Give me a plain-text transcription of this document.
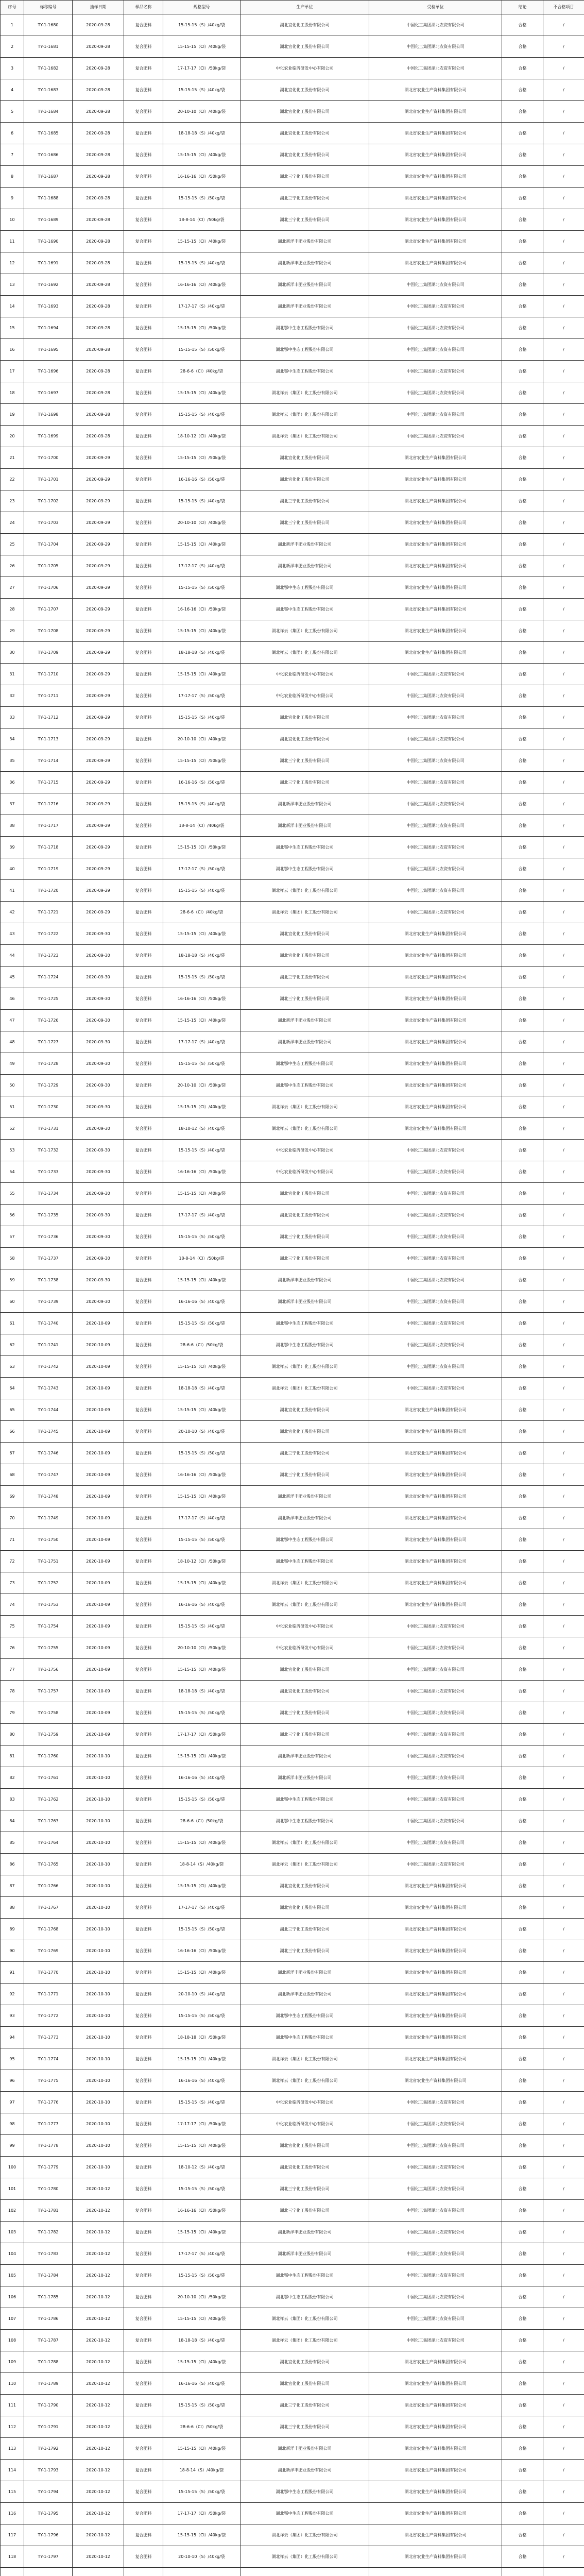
序号	标称编号	抽样日期	样品名称	规格型号	生产单位	受检单位	结论	不合格项目
1	TY-1-1680	2020-09-28	复合肥料	15-15-15（S）/40kg/袋	湖北宜化化工股份有限公司	中国化工集团湖北农资有限公司	合格	/
2	TY-1-1681	2020-09-28	复合肥料	15-15-15（Cl）/40kg/袋	湖北宜化化工股份有限公司	中国化工集团湖北农资有限公司	合格	/
3	TY-1-1682	2020-09-28	复合肥料	17-17-17（Cl）/50kg/袋	中化农业临沂研发中心有限公司	中国化工集团湖北农资有限公司	合格	/
4	TY-1-1683	2020-09-28	复合肥料	15-15-15（S）/40kg/袋	湖北宜化化工股份有限公司	湖北省农业生产资料集团有限公司	合格	/
5	TY-1-1684	2020-09-28	复合肥料	20-10-10（Cl）/40kg/袋	湖北宜化化工股份有限公司	湖北省农业生产资料集团有限公司	合格	/
6	TY-1-1685	2020-09-28	复合肥料	18-18-18（S）/40kg/袋	湖北宜化化工股份有限公司	湖北省农业生产资料集团有限公司	合格	/
7	TY-1-1686	2020-09-28	复合肥料	15-15-15（Cl）/40kg/袋	湖北宜化化工股份有限公司	湖北省农业生产资料集团有限公司	合格	/
8	TY-1-1687	2020-09-28	复合肥料	16-16-16（Cl）/50kg/袋	湖北三宁化工股份有限公司	湖北省农业生产资料集团有限公司	合格	/
9	TY-1-1688	2020-09-28	复合肥料	15-15-15（S）/50kg/袋	湖北三宁化工股份有限公司	湖北省农业生产资料集团有限公司	合格	/
10	TY-1-1689	2020-09-28	复合肥料	18-8-14（Cl）/50kg/袋	湖北三宁化工股份有限公司	湖北省农业生产资料集团有限公司	合格	/
11	TY-1-1690	2020-09-28	复合肥料	15-15-15（Cl）/40kg/袋	湖北新洋丰肥业股份有限公司	湖北省农业生产资料集团有限公司	合格	/
12	TY-1-1691	2020-09-28	复合肥料	15-15-15（S）/40kg/袋	湖北新洋丰肥业股份有限公司	湖北省农业生产资料集团有限公司	合格	/
13	TY-1-1692	2020-09-28	复合肥料	16-16-16（Cl）/40kg/袋	湖北新洋丰肥业股份有限公司	中国化工集团湖北农资有限公司	合格	/
14	TY-1-1693	2020-09-28	复合肥料	17-17-17（S）/40kg/袋	湖北新洋丰肥业股份有限公司	中国化工集团湖北农资有限公司	合格	/
15	TY-1-1694	2020-09-28	复合肥料	15-15-15（Cl）/50kg/袋	湖北鄂中生态工程股份有限公司	中国化工集团湖北农资有限公司	合格	/
16	TY-1-1695	2020-09-28	复合肥料	15-15-15（S）/50kg/袋	湖北鄂中生态工程股份有限公司	中国化工集团湖北农资有限公司	合格	/
17	TY-1-1696	2020-09-28	复合肥料	28-6-6（Cl）/40kg/袋	湖北鄂中生态工程股份有限公司	中国化工集团湖北农资有限公司	合格	/
18	TY-1-1697	2020-09-28	复合肥料	15-15-15（Cl）/40kg/袋	湖北祥云（集团）化工股份有限公司	中国化工集团湖北农资有限公司	合格	/
19	TY-1-1698	2020-09-28	复合肥料	15-15-15（S）/40kg/袋	湖北祥云（集团）化工股份有限公司	中国化工集团湖北农资有限公司	合格	/
20	TY-1-1699	2020-09-28	复合肥料	18-10-12（Cl）/40kg/袋	湖北祥云（集团）化工股份有限公司	中国化工集团湖北农资有限公司	合格	/
21	TY-1-1700	2020-09-29	复合肥料	15-15-15（Cl）/50kg/袋	湖北宜化化工股份有限公司	湖北省农业生产资料集团有限公司	合格	/
22	TY-1-1701	2020-09-29	复合肥料	16-16-16（S）/50kg/袋	湖北宜化化工股份有限公司	湖北省农业生产资料集团有限公司	合格	/
23	TY-1-1702	2020-09-29	复合肥料	15-15-15（S）/40kg/袋	湖北三宁化工股份有限公司	湖北省农业生产资料集团有限公司	合格	/
24	TY-1-1703	2020-09-29	复合肥料	20-10-10（Cl）/40kg/袋	湖北三宁化工股份有限公司	湖北省农业生产资料集团有限公司	合格	/
25	TY-1-1704	2020-09-29	复合肥料	15-15-15（Cl）/40kg/袋	湖北新洋丰肥业股份有限公司	湖北省农业生产资料集团有限公司	合格	/
26	TY-1-1705	2020-09-29	复合肥料	17-17-17（S）/40kg/袋	湖北新洋丰肥业股份有限公司	湖北省农业生产资料集团有限公司	合格	/
27	TY-1-1706	2020-09-29	复合肥料	15-15-15（S）/50kg/袋	湖北鄂中生态工程股份有限公司	湖北省农业生产资料集团有限公司	合格	/
28	TY-1-1707	2020-09-29	复合肥料	16-16-16（Cl）/50kg/袋	湖北鄂中生态工程股份有限公司	湖北省农业生产资料集团有限公司	合格	/
29	TY-1-1708	2020-09-29	复合肥料	15-15-15（Cl）/40kg/袋	湖北祥云（集团）化工股份有限公司	湖北省农业生产资料集团有限公司	合格	/
30	TY-1-1709	2020-09-29	复合肥料	18-18-18（S）/40kg/袋	湖北祥云（集团）化工股份有限公司	湖北省农业生产资料集团有限公司	合格	/
31	TY-1-1710	2020-09-29	复合肥料	15-15-15（Cl）/40kg/袋	中化农业临沂研发中心有限公司	中国化工集团湖北农资有限公司	合格	/
32	TY-1-1711	2020-09-29	复合肥料	17-17-17（S）/50kg/袋	中化农业临沂研发中心有限公司	中国化工集团湖北农资有限公司	合格	/
33	TY-1-1712	2020-09-29	复合肥料	15-15-15（S）/40kg/袋	湖北宜化化工股份有限公司	中国化工集团湖北农资有限公司	合格	/
34	TY-1-1713	2020-09-29	复合肥料	20-10-10（Cl）/40kg/袋	湖北宜化化工股份有限公司	中国化工集团湖北农资有限公司	合格	/
35	TY-1-1714	2020-09-29	复合肥料	15-15-15（Cl）/50kg/袋	湖北三宁化工股份有限公司	中国化工集团湖北农资有限公司	合格	/
36	TY-1-1715	2020-09-29	复合肥料	16-16-16（S）/50kg/袋	湖北三宁化工股份有限公司	中国化工集团湖北农资有限公司	合格	/
37	TY-1-1716	2020-09-29	复合肥料	15-15-15（S）/40kg/袋	湖北新洋丰肥业股份有限公司	中国化工集团湖北农资有限公司	合格	/
38	TY-1-1717	2020-09-29	复合肥料	18-8-14（Cl）/40kg/袋	湖北新洋丰肥业股份有限公司	中国化工集团湖北农资有限公司	合格	/
39	TY-1-1718	2020-09-29	复合肥料	15-15-15（Cl）/50kg/袋	湖北鄂中生态工程股份有限公司	中国化工集团湖北农资有限公司	合格	/
40	TY-1-1719	2020-09-29	复合肥料	17-17-17（S）/50kg/袋	湖北鄂中生态工程股份有限公司	中国化工集团湖北农资有限公司	合格	/
41	TY-1-1720	2020-09-29	复合肥料	15-15-15（S）/40kg/袋	湖北祥云（集团）化工股份有限公司	中国化工集团湖北农资有限公司	合格	/
42	TY-1-1721	2020-09-29	复合肥料	28-6-6（Cl）/40kg/袋	湖北祥云（集团）化工股份有限公司	中国化工集团湖北农资有限公司	合格	/
43	TY-1-1722	2020-09-30	复合肥料	15-15-15（Cl）/40kg/袋	湖北宜化化工股份有限公司	湖北省农业生产资料集团有限公司	合格	/
44	TY-1-1723	2020-09-30	复合肥料	18-18-18（S）/40kg/袋	湖北宜化化工股份有限公司	湖北省农业生产资料集团有限公司	合格	/
45	TY-1-1724	2020-09-30	复合肥料	15-15-15（S）/50kg/袋	湖北三宁化工股份有限公司	湖北省农业生产资料集团有限公司	合格	/
46	TY-1-1725	2020-09-30	复合肥料	16-16-16（Cl）/50kg/袋	湖北三宁化工股份有限公司	湖北省农业生产资料集团有限公司	合格	/
47	TY-1-1726	2020-09-30	复合肥料	15-15-15（Cl）/40kg/袋	湖北新洋丰肥业股份有限公司	湖北省农业生产资料集团有限公司	合格	/
48	TY-1-1727	2020-09-30	复合肥料	17-17-17（S）/40kg/袋	湖北新洋丰肥业股份有限公司	湖北省农业生产资料集团有限公司	合格	/
49	TY-1-1728	2020-09-30	复合肥料	15-15-15（S）/50kg/袋	湖北鄂中生态工程股份有限公司	湖北省农业生产资料集团有限公司	合格	/
50	TY-1-1729	2020-09-30	复合肥料	20-10-10（Cl）/50kg/袋	湖北鄂中生态工程股份有限公司	湖北省农业生产资料集团有限公司	合格	/
51	TY-1-1730	2020-09-30	复合肥料	15-15-15（Cl）/40kg/袋	湖北祥云（集团）化工股份有限公司	湖北省农业生产资料集团有限公司	合格	/
52	TY-1-1731	2020-09-30	复合肥料	18-10-12（S）/40kg/袋	湖北祥云（集团）化工股份有限公司	湖北省农业生产资料集团有限公司	合格	/
53	TY-1-1732	2020-09-30	复合肥料	15-15-15（S）/40kg/袋	中化农业临沂研发中心有限公司	中国化工集团湖北农资有限公司	合格	/
54	TY-1-1733	2020-09-30	复合肥料	16-16-16（Cl）/50kg/袋	中化农业临沂研发中心有限公司	中国化工集团湖北农资有限公司	合格	/
55	TY-1-1734	2020-09-30	复合肥料	15-15-15（Cl）/40kg/袋	湖北宜化化工股份有限公司	中国化工集团湖北农资有限公司	合格	/
56	TY-1-1735	2020-09-30	复合肥料	17-17-17（S）/40kg/袋	湖北宜化化工股份有限公司	中国化工集团湖北农资有限公司	合格	/
57	TY-1-1736	2020-09-30	复合肥料	15-15-15（S）/50kg/袋	湖北三宁化工股份有限公司	中国化工集团湖北农资有限公司	合格	/
58	TY-1-1737	2020-09-30	复合肥料	18-8-14（Cl）/50kg/袋	湖北三宁化工股份有限公司	中国化工集团湖北农资有限公司	合格	/
59	TY-1-1738	2020-09-30	复合肥料	15-15-15（Cl）/40kg/袋	湖北新洋丰肥业股份有限公司	中国化工集团湖北农资有限公司	合格	/
60	TY-1-1739	2020-09-30	复合肥料	16-16-16（S）/40kg/袋	湖北新洋丰肥业股份有限公司	中国化工集团湖北农资有限公司	合格	/
61	TY-1-1740	2020-10-09	复合肥料	15-15-15（S）/50kg/袋	湖北鄂中生态工程股份有限公司	中国化工集团湖北农资有限公司	合格	/
62	TY-1-1741	2020-10-09	复合肥料	28-6-6（Cl）/50kg/袋	湖北鄂中生态工程股份有限公司	中国化工集团湖北农资有限公司	合格	/
63	TY-1-1742	2020-10-09	复合肥料	15-15-15（Cl）/40kg/袋	湖北祥云（集团）化工股份有限公司	中国化工集团湖北农资有限公司	合格	/
64	TY-1-1743	2020-10-09	复合肥料	18-18-18（S）/40kg/袋	湖北祥云（集团）化工股份有限公司	中国化工集团湖北农资有限公司	合格	/
65	TY-1-1744	2020-10-09	复合肥料	15-15-15（Cl）/40kg/袋	湖北宜化化工股份有限公司	湖北省农业生产资料集团有限公司	合格	/
66	TY-1-1745	2020-10-09	复合肥料	20-10-10（S）/40kg/袋	湖北宜化化工股份有限公司	湖北省农业生产资料集团有限公司	合格	/
67	TY-1-1746	2020-10-09	复合肥料	15-15-15（S）/50kg/袋	湖北三宁化工股份有限公司	湖北省农业生产资料集团有限公司	合格	/
68	TY-1-1747	2020-10-09	复合肥料	16-16-16（Cl）/50kg/袋	湖北三宁化工股份有限公司	湖北省农业生产资料集团有限公司	合格	/
69	TY-1-1748	2020-10-09	复合肥料	15-15-15（Cl）/40kg/袋	湖北新洋丰肥业股份有限公司	湖北省农业生产资料集团有限公司	合格	/
70	TY-1-1749	2020-10-09	复合肥料	17-17-17（S）/40kg/袋	湖北新洋丰肥业股份有限公司	湖北省农业生产资料集团有限公司	合格	/
71	TY-1-1750	2020-10-09	复合肥料	15-15-15（S）/50kg/袋	湖北鄂中生态工程股份有限公司	湖北省农业生产资料集团有限公司	合格	/
72	TY-1-1751	2020-10-09	复合肥料	18-10-12（Cl）/50kg/袋	湖北鄂中生态工程股份有限公司	湖北省农业生产资料集团有限公司	合格	/
73	TY-1-1752	2020-10-09	复合肥料	15-15-15（Cl）/40kg/袋	湖北祥云（集团）化工股份有限公司	湖北省农业生产资料集团有限公司	合格	/
74	TY-1-1753	2020-10-09	复合肥料	16-16-16（S）/40kg/袋	湖北祥云（集团）化工股份有限公司	湖北省农业生产资料集团有限公司	合格	/
75	TY-1-1754	2020-10-09	复合肥料	15-15-15（S）/40kg/袋	中化农业临沂研发中心有限公司	中国化工集团湖北农资有限公司	合格	/
76	TY-1-1755	2020-10-09	复合肥料	20-10-10（Cl）/50kg/袋	中化农业临沂研发中心有限公司	中国化工集团湖北农资有限公司	合格	/
77	TY-1-1756	2020-10-09	复合肥料	15-15-15（Cl）/40kg/袋	湖北宜化化工股份有限公司	中国化工集团湖北农资有限公司	合格	/
78	TY-1-1757	2020-10-09	复合肥料	18-18-18（S）/40kg/袋	湖北宜化化工股份有限公司	中国化工集团湖北农资有限公司	合格	/
79	TY-1-1758	2020-10-09	复合肥料	15-15-15（S）/50kg/袋	湖北三宁化工股份有限公司	中国化工集团湖北农资有限公司	合格	/
80	TY-1-1759	2020-10-09	复合肥料	17-17-17（Cl）/50kg/袋	湖北三宁化工股份有限公司	中国化工集团湖北农资有限公司	合格	/
81	TY-1-1760	2020-10-10	复合肥料	15-15-15（Cl）/40kg/袋	湖北新洋丰肥业股份有限公司	中国化工集团湖北农资有限公司	合格	/
82	TY-1-1761	2020-10-10	复合肥料	16-16-16（S）/40kg/袋	湖北新洋丰肥业股份有限公司	中国化工集团湖北农资有限公司	合格	/
83	TY-1-1762	2020-10-10	复合肥料	15-15-15（S）/50kg/袋	湖北鄂中生态工程股份有限公司	中国化工集团湖北农资有限公司	合格	/
84	TY-1-1763	2020-10-10	复合肥料	28-6-6（Cl）/50kg/袋	湖北鄂中生态工程股份有限公司	中国化工集团湖北农资有限公司	合格	/
85	TY-1-1764	2020-10-10	复合肥料	15-15-15（Cl）/40kg/袋	湖北祥云（集团）化工股份有限公司	中国化工集团湖北农资有限公司	合格	/
86	TY-1-1765	2020-10-10	复合肥料	18-8-14（S）/40kg/袋	湖北祥云（集团）化工股份有限公司	中国化工集团湖北农资有限公司	合格	/
87	TY-1-1766	2020-10-10	复合肥料	15-15-15（Cl）/40kg/袋	湖北宜化化工股份有限公司	湖北省农业生产资料集团有限公司	合格	/
88	TY-1-1767	2020-10-10	复合肥料	17-17-17（S）/40kg/袋	湖北宜化化工股份有限公司	湖北省农业生产资料集团有限公司	合格	/
89	TY-1-1768	2020-10-10	复合肥料	15-15-15（S）/50kg/袋	湖北三宁化工股份有限公司	湖北省农业生产资料集团有限公司	合格	/
90	TY-1-1769	2020-10-10	复合肥料	16-16-16（Cl）/50kg/袋	湖北三宁化工股份有限公司	湖北省农业生产资料集团有限公司	合格	/
91	TY-1-1770	2020-10-10	复合肥料	15-15-15（Cl）/40kg/袋	湖北新洋丰肥业股份有限公司	湖北省农业生产资料集团有限公司	合格	/
92	TY-1-1771	2020-10-10	复合肥料	20-10-10（S）/40kg/袋	湖北新洋丰肥业股份有限公司	湖北省农业生产资料集团有限公司	合格	/
93	TY-1-1772	2020-10-10	复合肥料	15-15-15（S）/50kg/袋	湖北鄂中生态工程股份有限公司	湖北省农业生产资料集团有限公司	合格	/
94	TY-1-1773	2020-10-10	复合肥料	18-18-18（Cl）/50kg/袋	湖北鄂中生态工程股份有限公司	湖北省农业生产资料集团有限公司	合格	/
95	TY-1-1774	2020-10-10	复合肥料	15-15-15（Cl）/40kg/袋	湖北祥云（集团）化工股份有限公司	湖北省农业生产资料集团有限公司	合格	/
96	TY-1-1775	2020-10-10	复合肥料	16-16-16（S）/40kg/袋	湖北祥云（集团）化工股份有限公司	湖北省农业生产资料集团有限公司	合格	/
97	TY-1-1776	2020-10-10	复合肥料	15-15-15（S）/40kg/袋	中化农业临沂研发中心有限公司	中国化工集团湖北农资有限公司	合格	/
98	TY-1-1777	2020-10-10	复合肥料	17-17-17（Cl）/50kg/袋	中化农业临沂研发中心有限公司	中国化工集团湖北农资有限公司	合格	/
99	TY-1-1778	2020-10-10	复合肥料	15-15-15（Cl）/40kg/袋	湖北宜化化工股份有限公司	中国化工集团湖北农资有限公司	合格	/
100	TY-1-1779	2020-10-10	复合肥料	18-10-12（S）/40kg/袋	湖北宜化化工股份有限公司	中国化工集团湖北农资有限公司	合格	/
101	TY-1-1780	2020-10-12	复合肥料	15-15-15（S）/50kg/袋	湖北三宁化工股份有限公司	中国化工集团湖北农资有限公司	合格	/
102	TY-1-1781	2020-10-12	复合肥料	16-16-16（Cl）/50kg/袋	湖北三宁化工股份有限公司	中国化工集团湖北农资有限公司	合格	/
103	TY-1-1782	2020-10-12	复合肥料	15-15-15（Cl）/40kg/袋	湖北新洋丰肥业股份有限公司	中国化工集团湖北农资有限公司	合格	/
104	TY-1-1783	2020-10-12	复合肥料	17-17-17（S）/40kg/袋	湖北新洋丰肥业股份有限公司	中国化工集团湖北农资有限公司	合格	/
105	TY-1-1784	2020-10-12	复合肥料	15-15-15（S）/50kg/袋	湖北鄂中生态工程股份有限公司	中国化工集团湖北农资有限公司	合格	/
106	TY-1-1785	2020-10-12	复合肥料	20-10-10（Cl）/50kg/袋	湖北鄂中生态工程股份有限公司	中国化工集团湖北农资有限公司	合格	/
107	TY-1-1786	2020-10-12	复合肥料	15-15-15（Cl）/40kg/袋	湖北祥云（集团）化工股份有限公司	中国化工集团湖北农资有限公司	合格	/
108	TY-1-1787	2020-10-12	复合肥料	18-18-18（S）/40kg/袋	湖北祥云（集团）化工股份有限公司	中国化工集团湖北农资有限公司	合格	/
109	TY-1-1788	2020-10-12	复合肥料	15-15-15（Cl）/40kg/袋	湖北宜化化工股份有限公司	湖北省农业生产资料集团有限公司	合格	/
110	TY-1-1789	2020-10-12	复合肥料	16-16-16（S）/40kg/袋	湖北宜化化工股份有限公司	湖北省农业生产资料集团有限公司	合格	/
111	TY-1-1790	2020-10-12	复合肥料	15-15-15（S）/50kg/袋	湖北三宁化工股份有限公司	湖北省农业生产资料集团有限公司	合格	/
112	TY-1-1791	2020-10-12	复合肥料	28-6-6（Cl）/50kg/袋	湖北三宁化工股份有限公司	湖北省农业生产资料集团有限公司	合格	/
113	TY-1-1792	2020-10-12	复合肥料	15-15-15（Cl）/40kg/袋	湖北新洋丰肥业股份有限公司	湖北省农业生产资料集团有限公司	合格	/
114	TY-1-1793	2020-10-12	复合肥料	18-8-14（S）/40kg/袋	湖北新洋丰肥业股份有限公司	湖北省农业生产资料集团有限公司	合格	/
115	TY-1-1794	2020-10-12	复合肥料	15-15-15（S）/50kg/袋	湖北鄂中生态工程股份有限公司	湖北省农业生产资料集团有限公司	合格	/
116	TY-1-1795	2020-10-12	复合肥料	17-17-17（Cl）/50kg/袋	湖北鄂中生态工程股份有限公司	湖北省农业生产资料集团有限公司	合格	/
117	TY-1-1796	2020-10-12	复合肥料	15-15-15（Cl）/40kg/袋	湖北祥云（集团）化工股份有限公司	湖北省农业生产资料集团有限公司	合格	/
118	TY-1-1797	2020-10-12	复合肥料	20-10-10（S）/40kg/袋	湖北祥云（集团）化工股份有限公司	湖北省农业生产资料集团有限公司	合格	/
